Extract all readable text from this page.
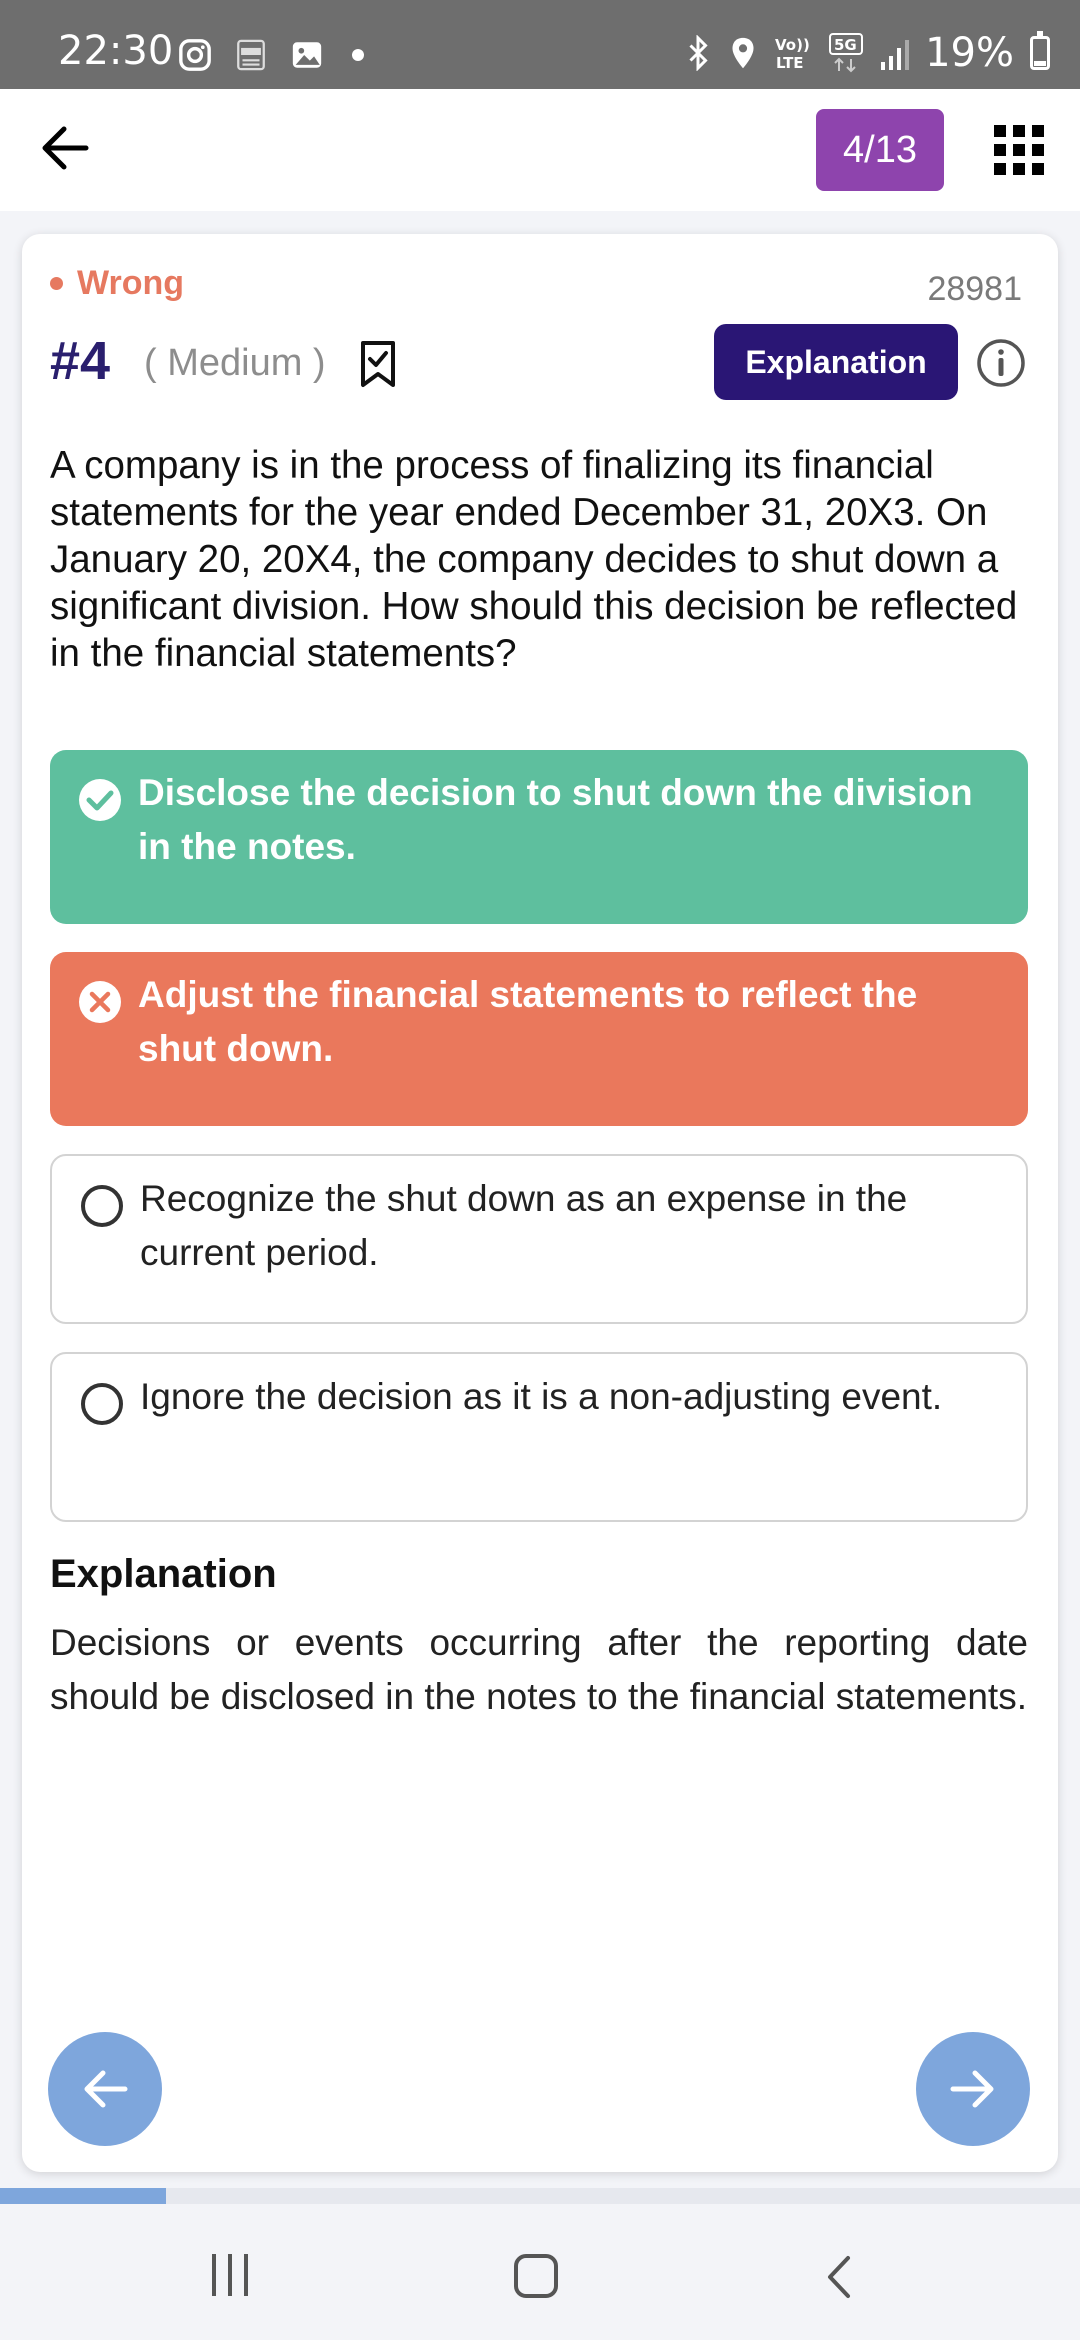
22:30	Vo))
LTE
5G 19%
4/13
Wrong	28981
#4 ( Medium )	Explanation
A company is in the process of finalizing its financial statements for the year ended December 31, 20X3. On January 20, 20X4, the company decides to shut down a significant division. How should this decision be reflected in the financial statements?
Disclose the decision to shut down the division in the notes.
Adjust the financial statements to reflect the shut down.
Recognize the shut down as an expense in the current period.
Ignore the decision as it is a non-adjusting event.
Explanation
Decisions or events occurring after the reporting date should be disclosed in the notes to the financial statements.
